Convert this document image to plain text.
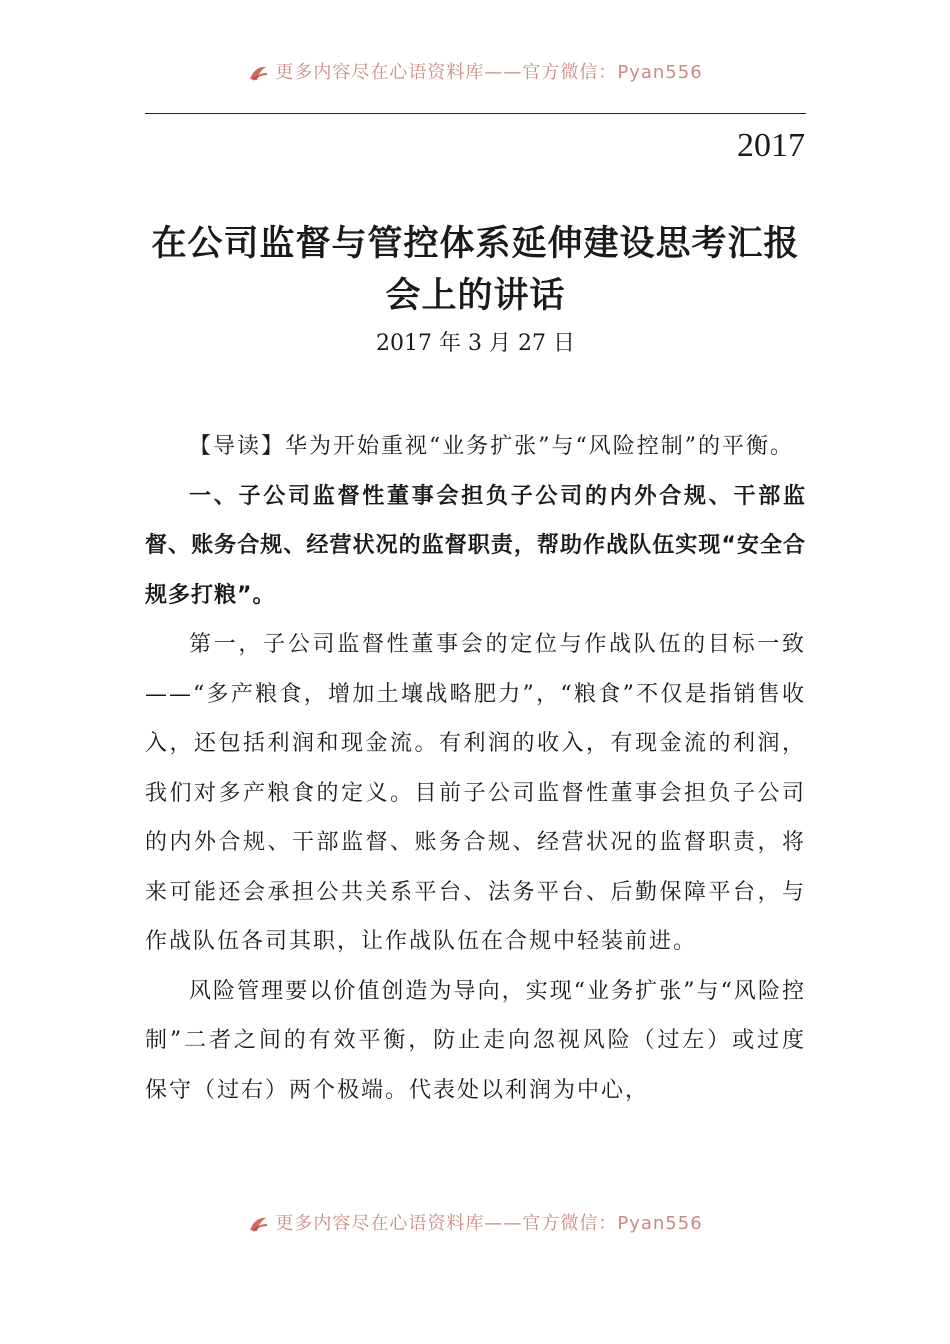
更多内容尽在心语资料库——官方微信：Pyan556
2017
在公司监督与管控体系延伸建设思考汇报会上的讲话
2017 年 3 月 27 日

【导读】华为开始重视“业务扩张”与“风险控制”的平衡。

一、子公司监督性董事会担负子公司的内外合规、干部监督、账务合规、经营状况的监督职责，帮助作战队伍实现“安全合规多打粮”。

第一，子公司监督性董事会的定位与作战队伍的目标一致——“多产粮食，增加土壤战略肥力”，“粮食”不仅是指销售收入，还包括利润和现金流。有利润的收入，有现金流的利润，我们对多产粮食的定义。目前子公司监督性董事会担负子公司的内外合规、干部监督、账务合规、经营状况的监督职责，将来可能还会承担公共关系平台、法务平台、后勤保障平台，与作战队伍各司其职，让作战队伍在合规中轻装前进。

风险管理要以价值创造为导向，实现“业务扩张”与“风险控制”二者之间的有效平衡，防止走向忽视风险（过左）或过度保守（过右）两个极端。代表处以利润为中心，

更多内容尽在心语资料库——官方微信：Pyan556
